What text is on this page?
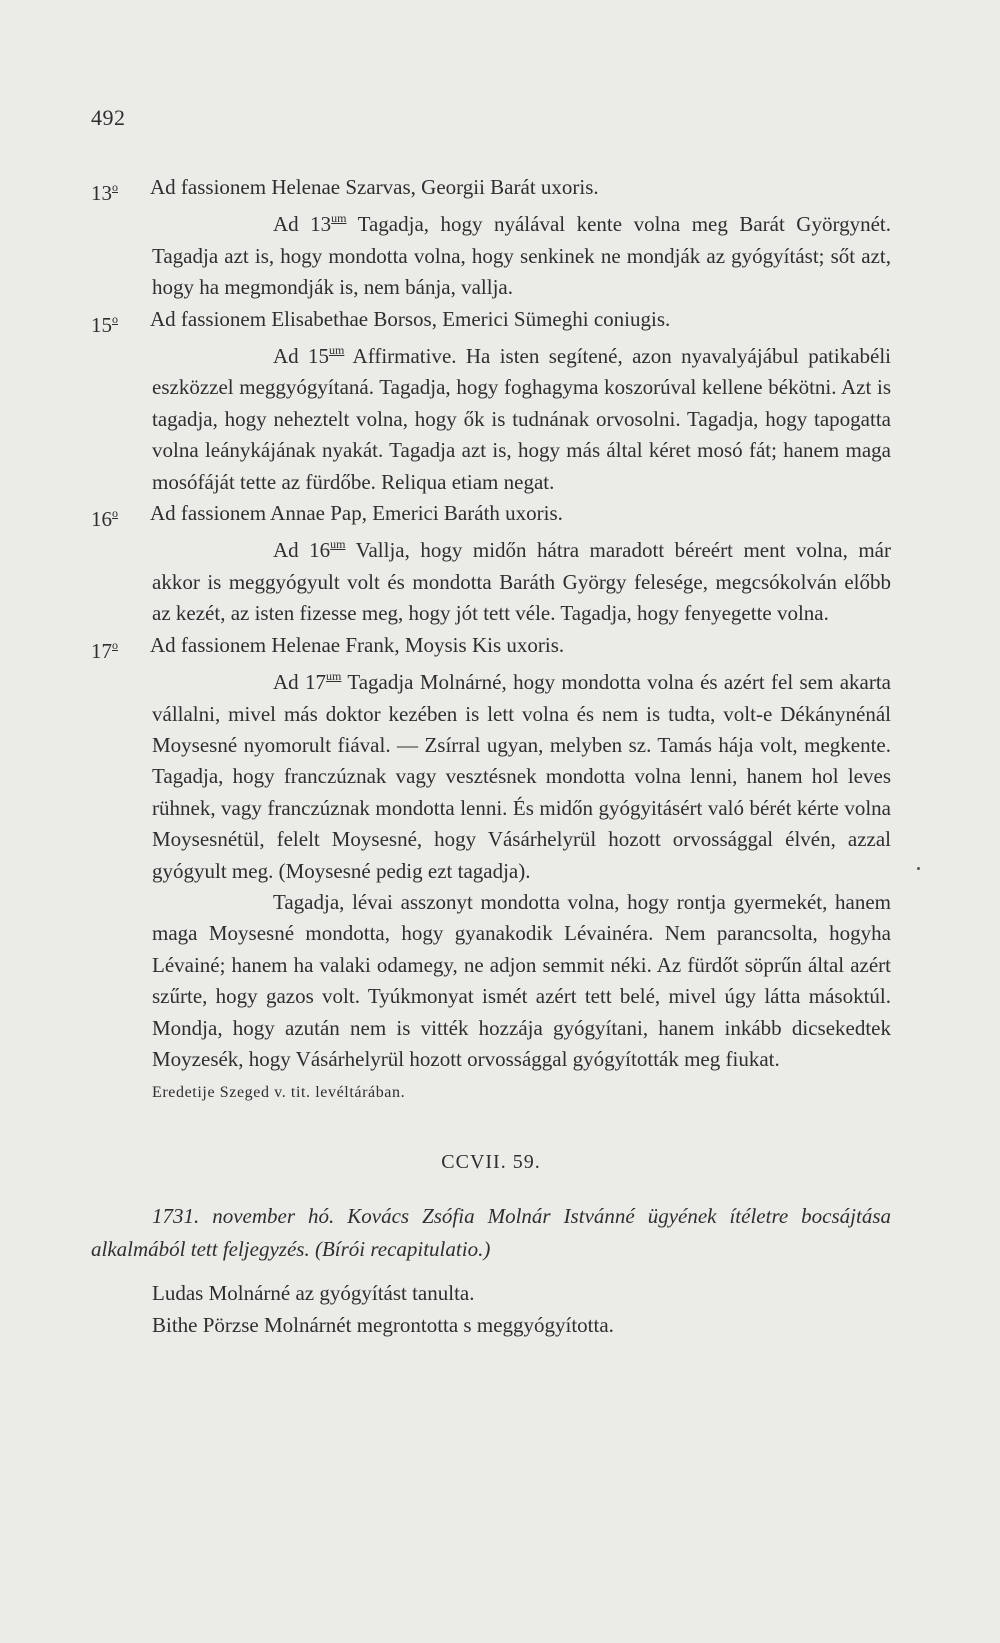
492
13$^o$	Ad fassionem Helenae Szarvas, Georgii Barát uxoris.

Ad $13^{um}$ Tagadja, hogy nyálával kente volna meg Barát Györgynét. Tagadja azt is, hogy mondotta volna, hogy senkinek ne mondják az gyógyítást; sőt azt, hogy ha megmondják is, nem bánja, vallja.

15$^o$	Ad fassionem Elisabethae Borsos, Emerici Sümeghi coniugis.

Ad $15^{um}$ Affirmative. Ha isten segítené, azon nyavalyájábul patikabéli eszközzel meggyógyítaná. Tagadja, hogy foghagyma koszorúval kellene békötni. Azt is tagadja, hogy neheztelt volna, hogy ők is tudnának orvosolni. Tagadja, hogy tapogatta volna leánykájának nyakát. Tagadja azt is, hogy más által kéret mosó fát; hanem maga mosófáját tette az fürdőbe. Reliqua etiam negat.

16$^o$	Ad fassionem Annae Pap, Emerici Baráth uxoris.

Ad $16^{um}$ Vallja, hogy midőn hátra maradott béreért ment volna, már akkor is meggyógyult volt és mondotta Baráth György felesége, megcsókolván előbb az kezét, az isten fizesse meg, hogy jót tett véle. Tagadja, hogy fenyegette volna.

17$^o$	Ad fassionem Helenae Frank, Moysis Kis uxoris.

Ad $17^{um}$ Tagadja Molnárné, hogy mondotta volna és azért fel sem akarta vállalni, mivel más doktor kezében is lett volna és nem is tudta, volt-e Dékánynénál Moysesné nyomorult fiával. — Zsírral ugyan, melyben sz. Tamás hája volt, megkente. Tagadja, hogy franczúznak vagy vesztésnek mondotta volna lenni, hanem hol leves rühnek, vagy franczúznak mondotta lenni. És midőn gyógyitásért való bérét kérte volna Moysesnétül, felelt Moysesné, hogy Vásárhelyrül hozott orvossággal élvén, azzal gyógyult meg. (Moysesné pedig ezt tagadja).

Tagadja, lévai asszonyt mondotta volna, hogy rontja gyermekét, hanem maga Moysesné mondotta, hogy gyanakodik Lévainéra. Nem parancsolta, hogyha Lévainé; hanem ha valaki odamegy, ne adjon semmit néki. Az fürdőt söprűn által azért szűrte, hogy gazos volt. Tyúkmonyat ismét azért tett belé, mivel úgy látta másoktúl. Mondja, hogy azután nem is vitték hozzája gyógyítani, hanem inkább dicsekedtek Moyzesék, hogy Vásárhelyrül hozott orvossággal gyógyították meg fiukat.

Eredetije Szeged v. tit. levéltárában.
CCVII. 59.

1731. november hó. Kovács Zsófia Molnár Istvánné ügyének ítéletre bocsájtása alkalmából tett feljegyzés. (Bírói recapitulatio.)

Ludas Molnárné az gyógyítást tanulta.

Bithe Pörzse Molnárnét megrontotta s meggyógyította.
